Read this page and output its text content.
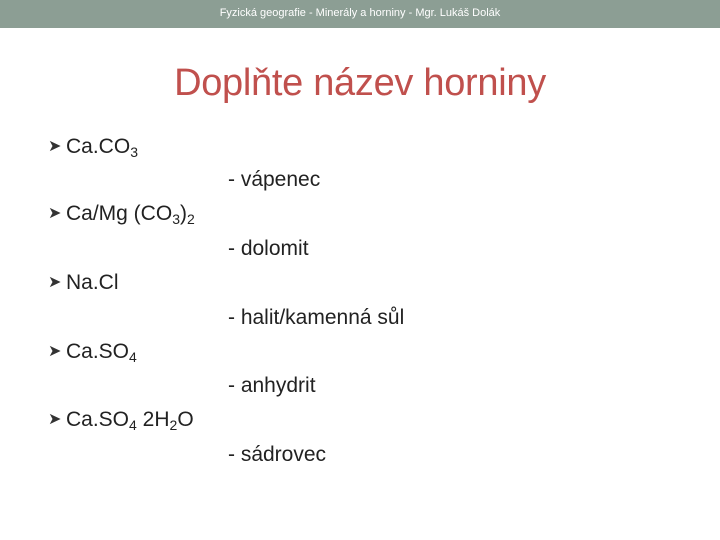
Fyzická geografie - Minerály a horniny - Mgr. Lukáš Dolák
Doplňte název horniny
➤ $Ca.CO_3$
- vápenec
➤ Ca/Mg $(CO_3)_2$
- dolomit
➤ Na.Cl
- halit/kamenná sůl
➤ $Ca.SO_4$
- anhydrit
➤ $Ca.SO_4$ $2H_2O$
- sádrovec
